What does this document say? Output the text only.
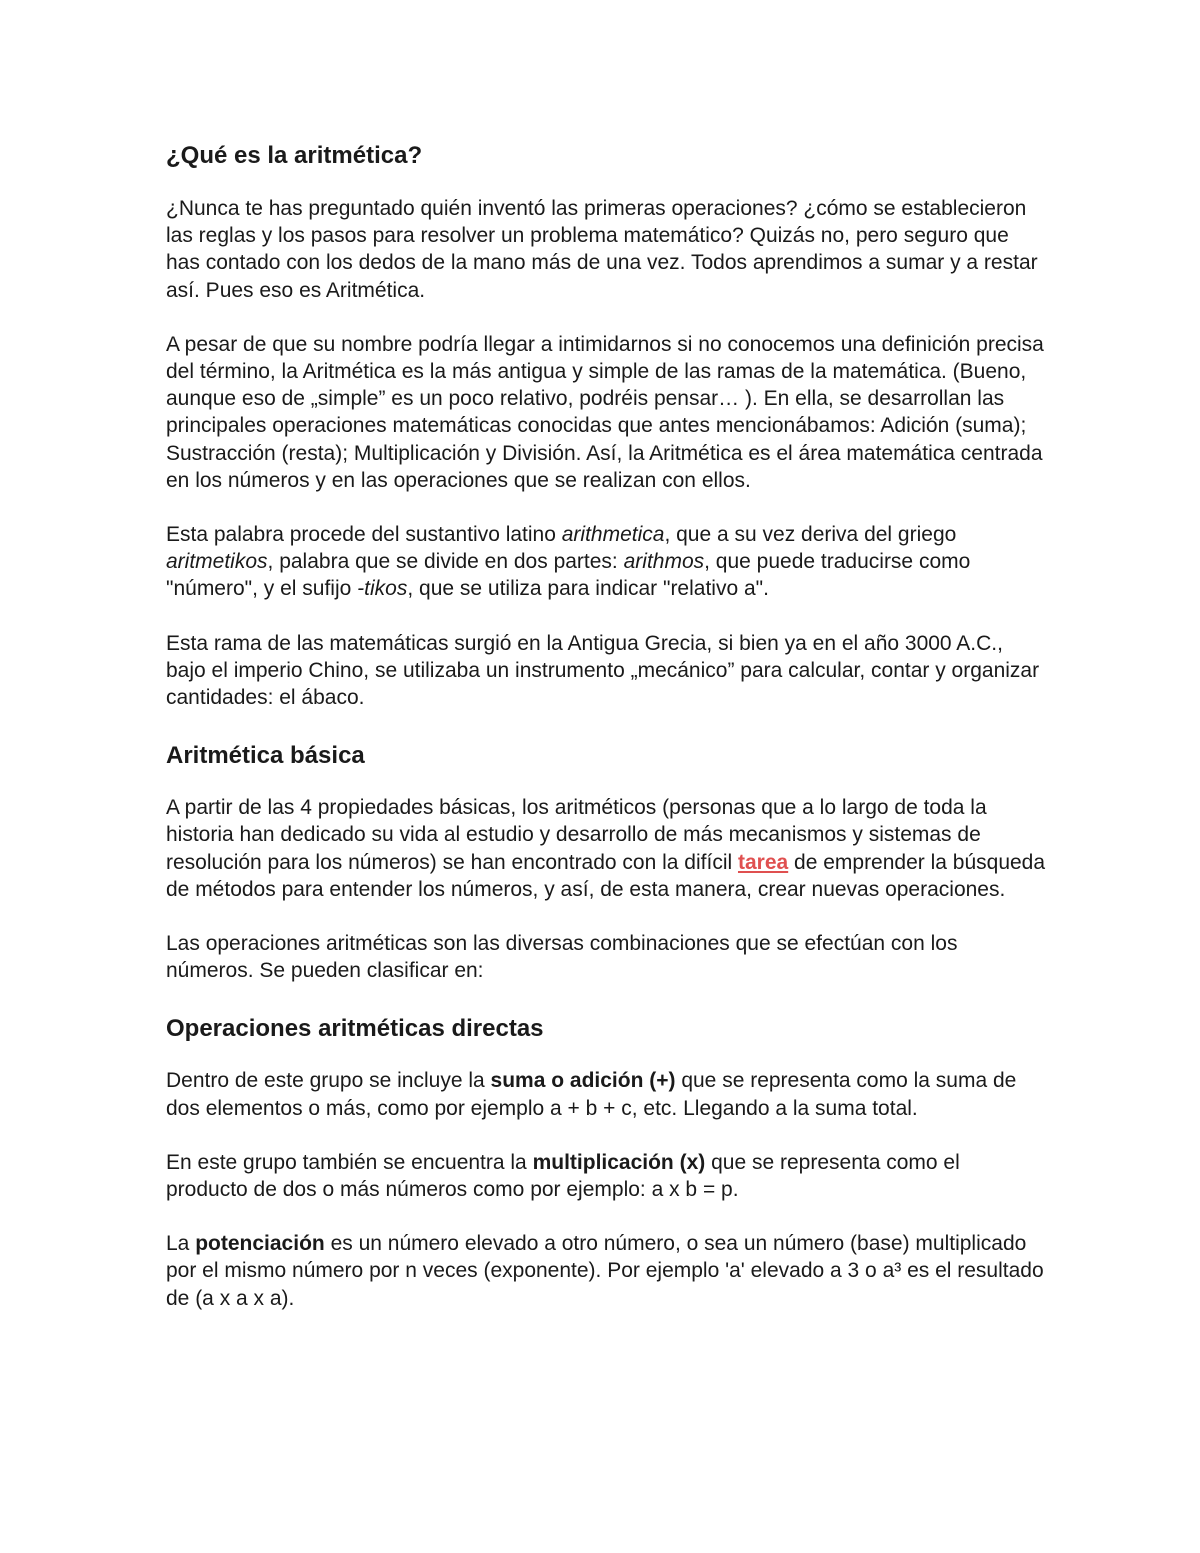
¿Qué es la aritmética?

¿Nunca te has preguntado quién inventó las primeras operaciones? ¿cómo se establecieron las reglas y los pasos para resolver un problema matemático? Quizás no, pero seguro que has contado con los dedos de la mano más de una vez. Todos aprendimos a sumar y a restar así. Pues eso es Aritmética.

A pesar de que su nombre podría llegar a intimidarnos si no conocemos una definición precisa del término, la Aritmética es la más antigua y simple de las ramas de la matemática. (Bueno, aunque eso de „simple” es un poco relativo, podréis pensar… ). En ella, se desarrollan las principales operaciones matemáticas conocidas que antes mencionábamos: Adición (suma); Sustracción (resta); Multiplicación y División. Así, la Aritmética es el área matemática centrada en los números y en las operaciones que se realizan con ellos.

Esta palabra procede del sustantivo latino arithmetica, que a su vez deriva del griego aritmetikos, palabra que se divide en dos partes: arithmos, que puede traducirse como "número", y el sufijo -tikos, que se utiliza para indicar "relativo a".

Esta rama de las matemáticas surgió en la Antigua Grecia, si bien ya en el año 3000 A.C., bajo el imperio Chino, se utilizaba un instrumento „mecánico” para calcular, contar y organizar cantidades: el ábaco.

Aritmética básica

A partir de las 4 propiedades básicas, los aritméticos (personas que a lo largo de toda la historia han dedicado su vida al estudio y desarrollo de más mecanismos y sistemas de resolución para los números) se han encontrado con la difícil tarea de emprender la búsqueda de métodos para entender los números, y así, de esta manera, crear nuevas operaciones.

Las operaciones aritméticas son las diversas combinaciones que se efectúan con los números. Se pueden clasificar en:

Operaciones aritméticas directas

Dentro de este grupo se incluye la suma o adición (+) que se representa como la suma de dos elementos o más, como por ejemplo a + b + c, etc. Llegando a la suma total.

En este grupo también se encuentra la multiplicación (x) que se representa como el producto de dos o más números como por ejemplo: a x b = p.

La potenciación es un número elevado a otro número, o sea un número (base) multiplicado por el mismo número por n veces (exponente). Por ejemplo 'a' elevado a 3 o a³ es el resultado de (a x a x a).
